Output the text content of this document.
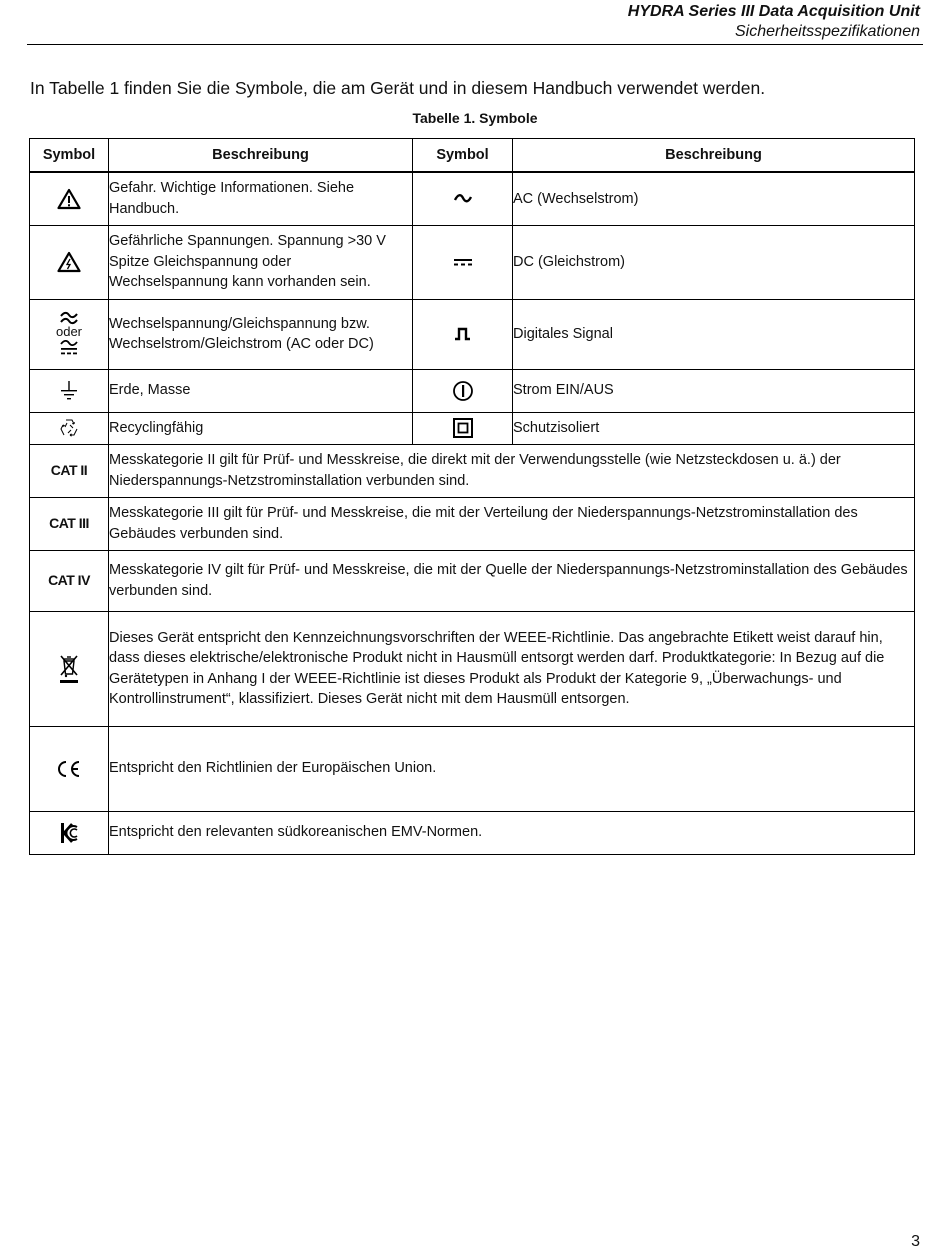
HYDRA Series III Data Acquisition Unit
Sicherheitsspezifikationen
In Tabelle 1 finden Sie die Symbole, die am Gerät und in diesem Handbuch verwendet werden.
Tabelle 1. Symbole
Symbol	Beschreibung	Symbol	Beschreibung
	Gefahr. Wichtige Informationen. Siehe Handbuch.		AC (Wechselstrom)
	Gefährliche Spannungen. Spannung >30 V Spitze Gleichspannung oder Wechselspannung kann vorhanden sein.		DC (Gleichstrom)

oder	Wechselspannung/Gleichspannung bzw. Wechselstrom/Gleichstrom (AC oder DC)		Digitales Signal
	Erde, Masse		Strom EIN/AUS
	Recyclingfähig		Schutzisoliert
CAT II	Messkategorie II gilt für Prüf- und Messkreise, die direkt mit der Verwendungsstelle (wie Netzsteckdosen u. ä.) der Niederspannungs-Netzstrominstallation verbunden sind.		
CAT III	Messkategorie III gilt für Prüf- und Messkreise, die mit der Verteilung der Niederspannungs-Netzstrominstallation des Gebäudes verbunden sind.		
CAT IV	Messkategorie IV gilt für Prüf- und Messkreise, die mit der Quelle der Niederspannungs-Netzstrominstallation des Gebäudes verbunden sind.		
	Dieses Gerät entspricht den Kennzeichnungsvorschriften der WEEE-Richtlinie. Das angebrachte Etikett weist darauf hin, dass dieses elektrische/elektronische Produkt nicht in Hausmüll entsorgt werden darf. Produktkategorie: In Bezug auf die Gerätetypen in Anhang I der WEEE-Richtlinie ist dieses Produkt als Produkt der Kategorie 9, „Überwachungs- und Kontrollinstrument“, klassifiziert. Dieses Gerät nicht mit dem Hausmüll entsorgen.		
	Entspricht den Richtlinien der Europäischen Union.		
	Entspricht den relevanten südkoreanischen EMV-Normen.		
3
